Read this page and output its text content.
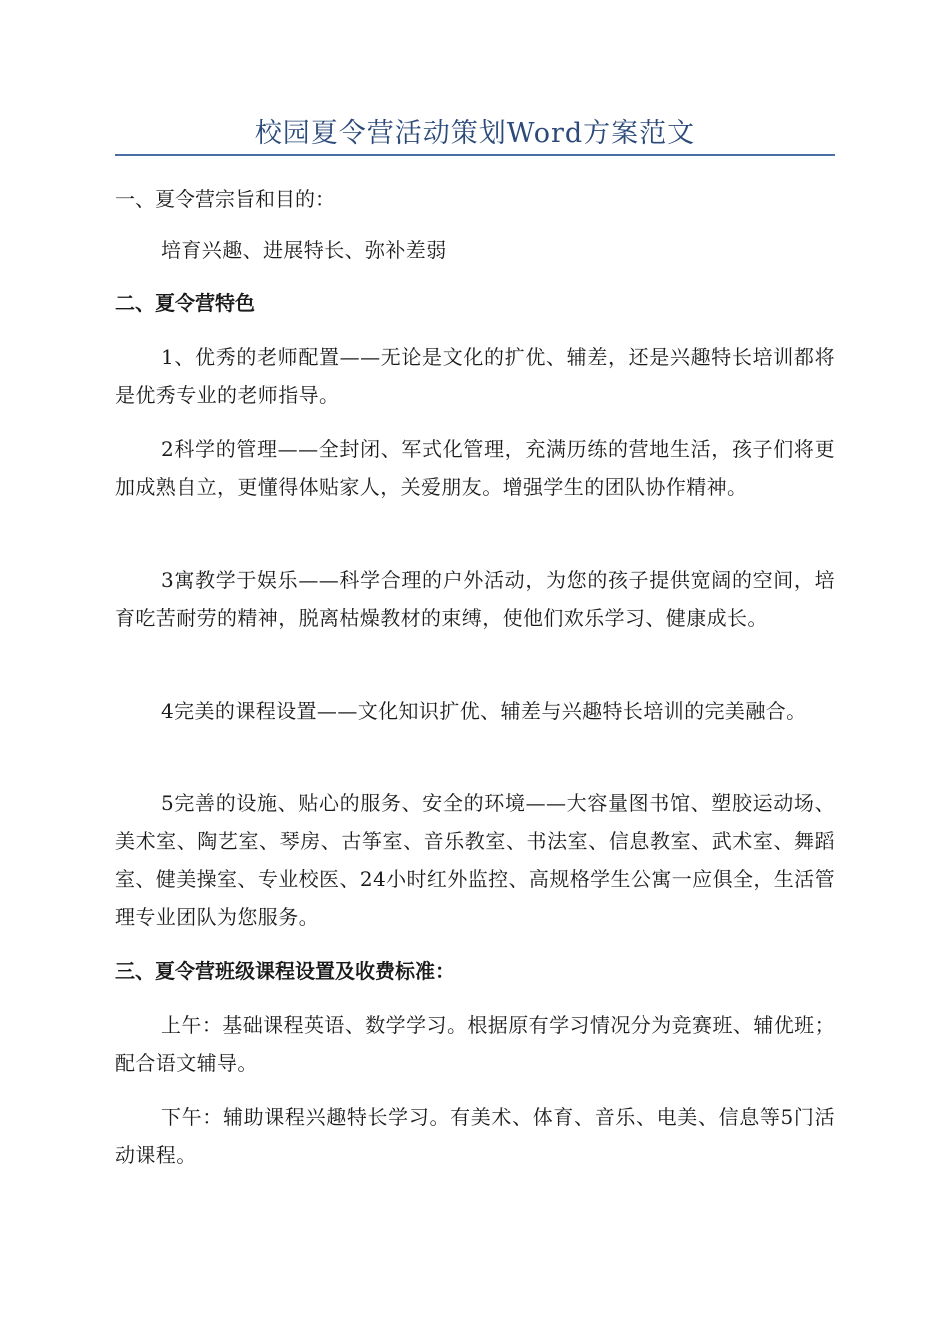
校园夏令营活动策划Word方案范文
一、夏令营宗旨和目的：
培育兴趣、进展特长、弥补差弱
二、夏令营特色
1、优秀的老师配置——无论是文化的扩优、辅差，还是兴趣特长培训都将是优秀专业的老师指导。
2科学的管理——全封闭、军式化管理，充满历练的营地生活，孩子们将更加成熟自立，更懂得体贴家人，关爱朋友。增强学生的团队协作精神。
3寓教学于娱乐——科学合理的户外活动，为您的孩子提供宽阔的空间，培育吃苦耐劳的精神，脱离枯燥教材的束缚，使他们欢乐学习、健康成长。
4完美的课程设置——文化知识扩优、辅差与兴趣特长培训的完美融合。
5完善的设施、贴心的服务、安全的环境——大容量图书馆、塑胶运动场、美术室、陶艺室、琴房、古筝室、音乐教室、书法室、信息教室、武术室、舞蹈室、健美操室、专业校医、24小时红外监控、高规格学生公寓一应俱全，生活管理专业团队为您服务。
三、夏令营班级课程设置及收费标准：
上午：基础课程英语、数学学习。根据原有学习情况分为竞赛班、辅优班；配合语文辅导。
下午：辅助课程兴趣特长学习。有美术、体育、音乐、电美、信息等5门活动课程。
